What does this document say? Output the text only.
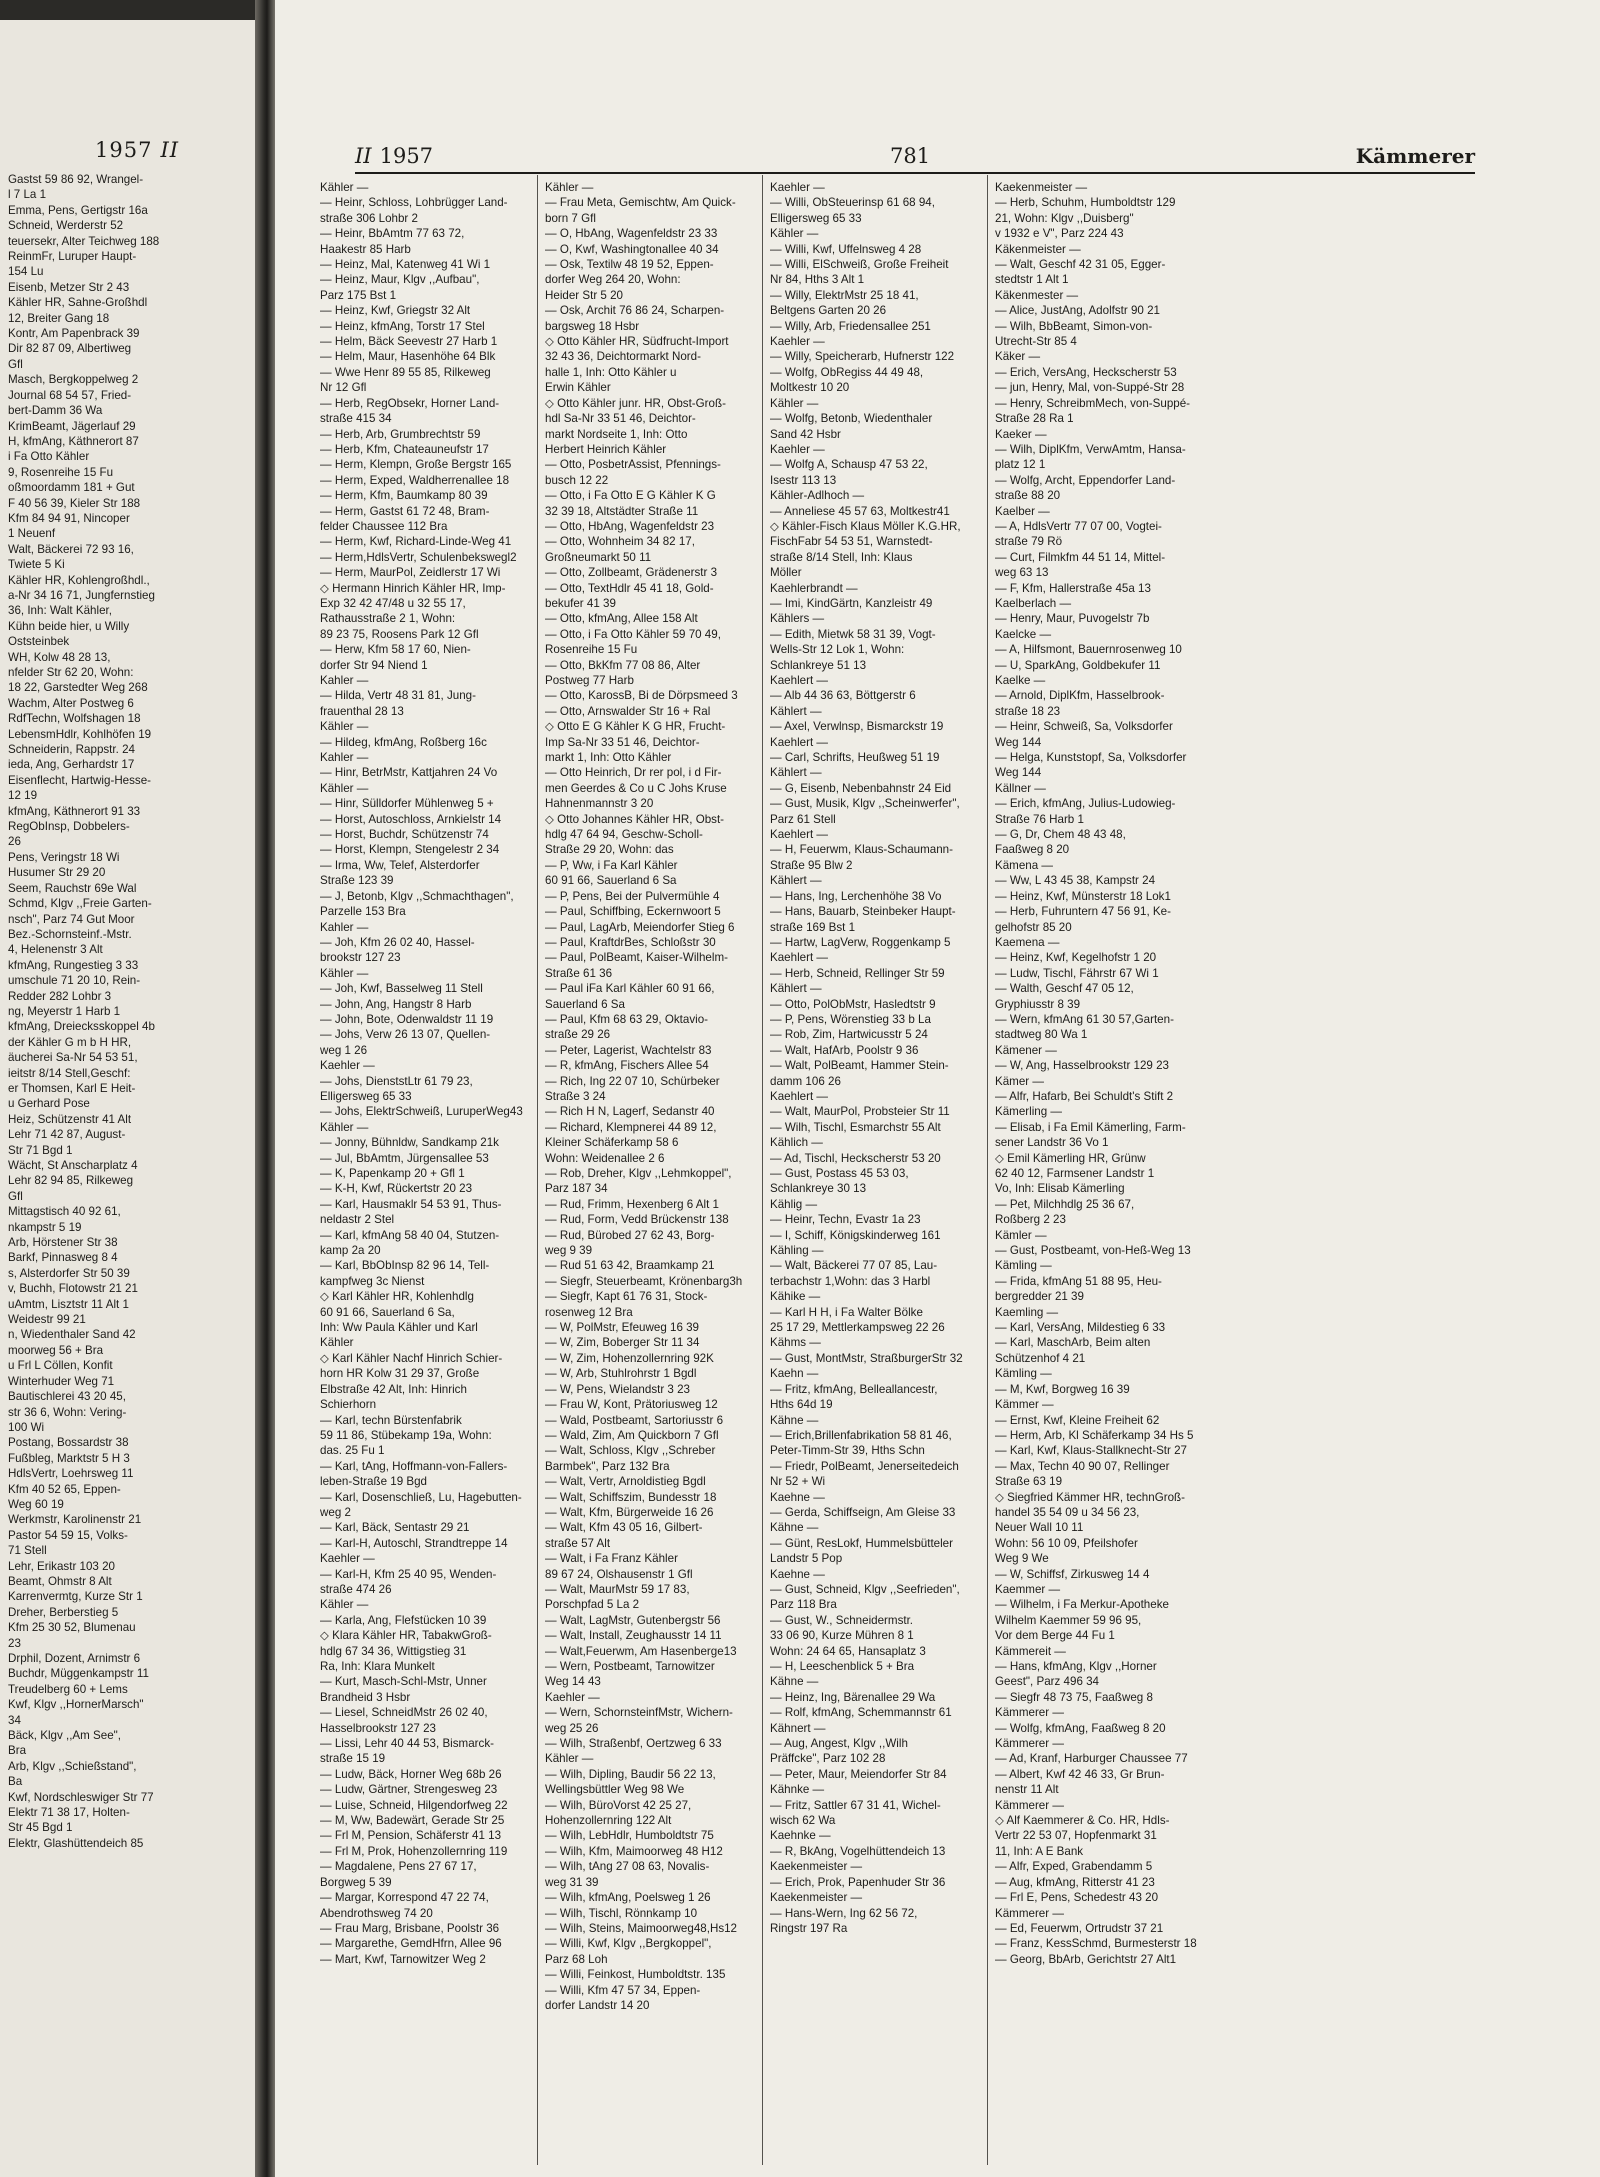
1957 II
Gastst 59 86 92, Wrangel-
l 7 La 1
Emma, Pens, Gertigstr 16a
Schneid, Werderstr 52
teuersekr, Alter Teichweg 188
ReinmFr, Luruper Haupt-
154 Lu
Eisenb, Metzer Str 2 43
Kähler HR, Sahne-Großhdl
12, Breiter Gang 18
Kontr, Am Papenbrack 39
Dir 82 87 09, Albertiweg
Gfl
Masch, Bergkoppelweg 2
Journal 68 54 57, Fried-
bert-Damm 36 Wa
KrimBeamt, Jägerlauf 29
H, kfmAng, Käthnerort 87
i Fa Otto Kähler
9, Rosenreihe 15 Fu
oßmoordamm 181 + Gut
F 40 56 39, Kieler Str 188
Kfm 84 94 91, Nincoper
1 Neuenf
Walt, Bäckerei 72 93 16,
Twiete 5 Ki
Kähler HR, Kohlengroßhdl.,
a-Nr 34 16 71, Jungfernstieg
36, Inh: Walt Kähler,
Kühn beide hier, u Willy
Oststeinbek
WH, Kolw 48 28 13,
nfelder Str 62 20, Wohn:
18 22, Garstedter Weg 268
Wachm, Alter Postweg 6
RdfTechn, Wolfshagen 18
LebensmHdlr, Kohlhöfen 19
Schneiderin, Rappstr. 24
ieda, Ang, Gerhardstr 17
Eisenflecht, Hartwig-Hesse-
12 19
kfmAng, Käthnerort 91 33
RegObInsp, Dobbelers-
26
Pens, Veringstr 18 Wi
Husumer Str 29 20
Seem, Rauchstr 69e Wal
Schmd, Klgv ,,Freie Garten-
nsch", Parz 74 Gut Moor
Bez.-Schornsteinf.-Mstr.
4, Helenenstr 3 Alt
kfmAng, Rungestieg 3 33
umschule 71 20 10, Rein-
Redder 282 Lohbr 3
ng, Meyerstr 1 Harb 1
kfmAng, Dreiecksskoppel 4b
der Kähler G m b H HR,
äucherei Sa-Nr 54 53 51,
ieitstr 8/14 Stell,Geschf:
er Thomsen, Karl E Heit-
u Gerhard Pose
Heiz, Schützenstr 41 Alt
Lehr 71 42 87, August-
Str 71 Bgd 1
Wächt, St Anscharplatz 4
Lehr 82 94 85, Rilkeweg
Gfl
Mittagstisch 40 92 61,
nkampstr 5 19
Arb, Hörstener Str 38
Barkf, Pinnasweg 8 4
s, Alsterdorfer Str 50 39
v, Buchh, Flotowstr 21 21
uAmtm, Lisztstr 11 Alt 1
Weidestr 99 21
n, Wiedenthaler Sand 42
moorweg 56 + Bra
u Frl L Cöllen, Konfit
Winterhuder Weg 71
Bautischlerei 43 20 45,
str 36 6, Wohn: Vering-
100 Wi
Postang, Bossardstr 38
Fußbleg, Marktstr 5 H 3
HdlsVertr, Loehrsweg 11
Kfm 40 52 65, Eppen-
Weg 60 19
Werkmstr, Karolinenstr 21
Pastor 54 59 15, Volks-
71 Stell
Lehr, Erikastr 103 20
Beamt, Ohmstr 8 Alt
Karrenvermtg, Kurze Str 1
Dreher, Berberstieg 5
Kfm 25 30 52, Blumenau
23
Drphil, Dozent, Arnimstr 6
Buchdr, Müggenkampstr 11
Treudelberg 60 + Lems
Kwf, Klgv ,,HornerMarsch"
34
Bäck, Klgv ,,Am See",
Bra
Arb, Klgv ,,Schießstand",
Ba
Kwf, Nordschleswiger Str 77
Elektr 71 38 17, Holten-
Str 45 Bgd 1
Elektr, Glashüttendeich 85
II 1957	781	Kämmerer
Kähler —
— Heinr, Schloss, Lohbrügger Land-
straße 306 Lohbr 2
— Heinr, BbAmtm 77 63 72,
Haakestr 85 Harb
— Heinz, Mal, Katenweg 41 Wi 1
— Heinz, Maur, Klgv ,,Aufbau",
Parz 175 Bst 1
— Heinz, Kwf, Griegstr 32 Alt
— Heinz, kfmAng, Torstr 17 Stel
— Helm, Bäck Seevestr 27 Harb 1
— Helm, Maur, Hasenhöhe 64 Blk
— Wwe Henr 89 55 85, Rilkeweg
Nr 12 Gfl
— Herb, RegObsekr, Horner Land-
straße 415 34
— Herb, Arb, Grumbrechtstr 59
— Herb, Kfm, Chateauneufstr 17
— Herm, Klempn, Große Bergstr 165
— Herm, Exped, Waldherrenallee 18
— Herm, Kfm, Baumkamp 80 39
— Herm, Gastst 61 72 48, Bram-
felder Chaussee 112 Bra
— Herm, Kwf, Richard-Linde-Weg 41
— Herm,HdlsVertr, Schulenbekswegl2
— Herm, MaurPol, Zeidlerstr 17 Wi
◇ Hermann Hinrich Kähler HR, Imp-
Exp 32 42 47/48 u 32 55 17,
Rathausstraße 2 1, Wohn:
89 23 75, Roosens Park 12 Gfl
— Herw, Kfm 58 17 60, Nien-
dorfer Str 94 Niend 1
Kahler —
— Hilda, Vertr 48 31 81, Jung-
frauenthal 28 13
Kähler —
— Hildeg, kfmAng, Roßberg 16c
Kahler —
— Hinr, BetrMstr, Kattjahren 24 Vo
Kähler —
— Hinr, Sülldorfer Mühlenweg 5 +
— Horst, Autoschloss, Arnkielstr 14
— Horst, Buchdr, Schützenstr 74
— Horst, Klempn, Stengelestr 2 34
— Irma, Ww, Telef, Alsterdorfer
Straße 123 39
— J, Betonb, Klgv ,,Schmachthagen",
Parzelle 153 Bra
Kahler —
— Joh, Kfm 26 02 40, Hassel-
brookstr 127 23
Kähler —
— Joh, Kwf, Basselweg 11 Stell
— John, Ang, Hangstr 8 Harb
— John, Bote, Odenwaldstr 11 19
— Johs, Verw 26 13 07, Quellen-
weg 1 26
Kaehler —
— Johs, DienststLtr 61 79 23,
Elligersweg 65 33
— Johs, ElektrSchweiß, LuruperWeg43
Kähler —
— Jonny, Bühnldw, Sandkamp 21k
— Jul, BbAmtm, Jürgensallee 53
— K, Papenkamp 20 + Gfl 1
— K-H, Kwf, Rückertstr 20 23
— Karl, Hausmaklr 54 53 91, Thus-
neldastr 2 Stel
— Karl, kfmAng 58 40 04, Stutzen-
kamp 2a 20
— Karl, BbObInsp 82 96 14, Tell-
kampfweg 3c Nienst
◇ Karl Kähler HR, Kohlenhdlg
60 91 66, Sauerland 6 Sa,
Inh: Ww Paula Kähler und Karl
Kähler
◇ Karl Kähler Nachf Hinrich Schier-
horn HR Kolw 31 29 37, Große
Elbstraße 42 Alt, Inh: Hinrich
Schierhorn
— Karl, techn Bürstenfabrik
59 11 86, Stübekamp 19a, Wohn:
das. 25 Fu 1
— Karl, tAng, Hoffmann-von-Fallers-
leben-Straße 19 Bgd
— Karl, Dosenschließ, Lu, Hagebutten-
weg 2
— Karl, Bäck, Sentastr 29 21
— Karl-H, Autoschl, Strandtreppe 14
Kaehler —
— Karl-H, Kfm 25 40 95, Wenden-
straße 474 26
Kähler —
— Karla, Ang, Flefstücken 10 39
◇ Klara Kähler HR, TabakwGroß-
hdlg 67 34 36, Wittigstieg 31
Ra, Inh: Klara Munkelt
— Kurt, Masch-Schl-Mstr, Unner
Brandheid 3 Hsbr
— Liesel, SchneidMstr 26 02 40,
Hasselbrookstr 127 23
— Lissi, Lehr 40 44 53, Bismarck-
straße 15 19
— Ludw, Bäck, Horner Weg 68b 26
— Ludw, Gärtner, Strengesweg 23
— Luise, Schneid, Hilgendorfweg 22
— M, Ww, Badewärt, Gerade Str 25
— Frl M, Pension, Schäferstr 41 13
— Frl M, Prok, Hohenzollernring 119
— Magdalene, Pens 27 67 17,
Borgweg 5 39
— Margar, Korrespond 47 22 74,
Abendrothsweg 74 20
— Frau Marg, Brisbane, Poolstr 36
— Margarethe, GemdHfrn, Allee 96
— Mart, Kwf, Tarnowitzer Weg 2
Kähler —
— Frau Meta, Gemischtw, Am Quick-
born 7 Gfl
— O, HbAng, Wagenfeldstr 23 33
— O, Kwf, Washingtonallee 40 34
— Osk, Textilw 48 19 52, Eppen-
dorfer Weg 264 20, Wohn:
Heider Str 5 20
— Osk, Archit 76 86 24, Scharpen-
bargsweg 18 Hsbr
◇ Otto Kähler HR, Südfrucht-Import
32 43 36, Deichtormarkt Nord-
halle 1, Inh: Otto Kähler u
Erwin Kähler
◇ Otto Kähler junr. HR, Obst-Groß-
hdl Sa-Nr 33 51 46, Deichtor-
markt Nordseite 1, Inh: Otto
Herbert Heinrich Kähler
— Otto, PosbetrAssist, Pfennings-
busch 12 22
— Otto, i Fa Otto E G Kähler K G
32 39 18, Altstädter Straße 11
— Otto, HbAng, Wagenfeldstr 23
— Otto, Wohnheim 34 82 17,
Großneumarkt 50 11
— Otto, Zollbeamt, Grädenerstr 3
— Otto, TextHdlr 45 41 18, Gold-
bekufer 41 39
— Otto, kfmAng, Allee 158 Alt
— Otto, i Fa Otto Kähler 59 70 49,
Rosenreihe 15 Fu
— Otto, BkKfm 77 08 86, Alter
Postweg 77 Harb
— Otto, KarossB, Bi de Dörpsmeed 3
— Otto, Arnswalder Str 16 + Ral
◇ Otto E G Kähler K G HR, Frucht-
Imp Sa-Nr 33 51 46, Deichtor-
markt 1, Inh: Otto Kähler
— Otto Heinrich, Dr rer pol, i d Fir-
men Geerdes & Co u C Johs Kruse
Hahnenmannstr 3 20
◇ Otto Johannes Kähler HR, Obst-
hdlg 47 64 94, Geschw-Scholl-
Straße 29 20, Wohn: das
— P, Ww, i Fa Karl Kähler
60 91 66, Sauerland 6 Sa
— P, Pens, Bei der Pulvermühle 4
— Paul, Schiffbing, Eckernwoort 5
— Paul, LagArb, Meiendorfer Stieg 6
— Paul, KraftdrBes, Schloßstr 30
— Paul, PolBeamt, Kaiser-Wilhelm-
Straße 61 36
— Paul iFa Karl Kähler 60 91 66,
Sauerland 6 Sa
— Paul, Kfm 68 63 29, Oktavio-
straße 29 26
— Peter, Lagerist, Wachtelstr 83
— R, kfmAng, Fischers Allee 54
— Rich, Ing 22 07 10, Schürbeker
Straße 3 24
— Rich H N, Lagerf, Sedanstr 40
— Richard, Klempnerei 44 89 12,
Kleiner Schäferkamp 58 6
Wohn: Weidenallee 2 6
— Rob, Dreher, Klgv ,,Lehmkoppel",
Parz 187 34
— Rud, Frimm, Hexenberg 6 Alt 1
— Rud, Form, Vedd Brückenstr 138
— Rud, Bürobed 27 62 43, Borg-
weg 9 39
— Rud 51 63 42, Braamkamp 21
— Siegfr, Steuerbeamt, Krönenbarg3h
— Siegfr, Kapt 61 76 31, Stock-
rosenweg 12 Bra
— W, PolMstr, Efeuweg 16 39
— W, Zim, Boberger Str 11 34
— W, Zim, Hohenzollernring 92K
— W, Arb, Stuhlrohrstr 1 Bgdl
— W, Pens, Wielandstr 3 23
— Frau W, Kont, Prätoriusweg 12
— Wald, Postbeamt, Sartoriusstr 6
— Wald, Zim, Am Quickborn 7 Gfl
— Walt, Schloss, Klgv ,,Schreber
Barmbek", Parz 132 Bra
— Walt, Vertr, Arnoldistieg Bgdl
— Walt, Schiffszim, Bundesstr 18
— Walt, Kfm, Bürgerweide 16 26
— Walt, Kfm 43 05 16, Gilbert-
straße 57 Alt
— Walt, i Fa Franz Kähler
89 67 24, Olshausenstr 1 Gfl
— Walt, MaurMstr 59 17 83,
Porschpfad 5 La 2
— Walt, LagMstr, Gutenbergstr 56
— Walt, Install, Zeughausstr 14 11
— Walt,Feuerwm, Am Hasenberge13
— Wern, Postbeamt, Tarnowitzer
Weg 14 43
Kaehler —
— Wern, SchornsteinfMstr, Wichern-
weg 25 26
— Wilh, Straßenbf, Oertzweg 6 33
Kähler —
— Wilh, Dipling, Baudir 56 22 13,
Wellingsbüttler Weg 98 We
— Wilh, BüroVorst 42 25 27,
Hohenzollernring 122 Alt
— Wilh, LebHdlr, Humboldtstr 75
— Wilh, Kfm, Maimoorweg 48 H12
— Wilh, tAng 27 08 63, Novalis-
weg 31 39
— Wilh, kfmAng, Poelsweg 1 26
— Wilh, Tischl, Rönnkamp 10
— Wilh, Steins, Maimoorweg48,Hs12
— Willi, Kwf, Klgv ,,Bergkoppel",
Parz 68 Loh
— Willi, Feinkost, Humboldtstr. 135
— Willi, Kfm 47 57 34, Eppen-
dorfer Landstr 14 20
Kaehler —
— Willi, ObSteuerinsp 61 68 94,
Elligersweg 65 33
Kähler —
— Willi, Kwf, Uffelnsweg 4 28
— Willi, ElSchweiß, Große Freiheit
Nr 84, Hths 3 Alt 1
— Willy, ElektrMstr 25 18 41,
Beltgens Garten 20 26
— Willy, Arb, Friedensallee 251
Kaehler —
— Willy, Speicherarb, Hufnerstr 122
— Wolfg, ObRegiss 44 49 48,
Moltkestr 10 20
Kähler —
— Wolfg, Betonb, Wiedenthaler
Sand 42 Hsbr
Kaehler —
— Wolfg A, Schausp 47 53 22,
Isestr 113 13
Kähler-Adlhoch —
— Anneliese 45 57 63, Moltkestr41
◇ Kähler-Fisch Klaus Möller K.G.HR,
FischFabr 54 53 51, Warnstedt-
straße 8/14 Stell, Inh: Klaus
Möller
Kaehlerbrandt —
— Imi, KindGärtn, Kanzleistr 49
Kählers —
— Edith, Mietwk 58 31 39, Vogt-
Wells-Str 12 Lok 1, Wohn:
Schlankreye 51 13
Kaehlert —
— Alb 44 36 63, Böttgerstr 6
Kählert —
— Axel, Verwlnsp, Bismarckstr 19
Kaehlert —
— Carl, Schrifts, Heußweg 51 19
Kählert —
— G, Eisenb, Nebenbahnstr 24 Eid
— Gust, Musik, Klgv ,,Scheinwerfer",
Parz 61 Stell
Kaehlert —
— H, Feuerwm, Klaus-Schaumann-
Straße 95 Blw 2
Kählert —
— Hans, Ing, Lerchenhöhe 38 Vo
— Hans, Bauarb, Steinbeker Haupt-
straße 169 Bst 1
— Hartw, LagVerw, Roggenkamp 5
Kaehlert —
— Herb, Schneid, Rellinger Str 59
Kählert —
— Otto, PolObMstr, Hasledtstr 9
— P, Pens, Wörenstieg 33 b La
— Rob, Zim, Hartwicusstr 5 24
— Walt, HafArb, Poolstr 9 36
— Walt, PolBeamt, Hammer Stein-
damm 106 26
Kaehlert —
— Walt, MaurPol, Probsteier Str 11
— Wilh, Tischl, Esmarchstr 55 Alt
Kählich —
— Ad, Tischl, Heckscherstr 53 20
— Gust, Postass 45 53 03,
Schlankreye 30 13
Kählig —
— Heinr, Techn, Evastr 1a 23
— I, Schiff, Königskinderweg 161
Kähling —
— Walt, Bäckerei 77 07 85, Lau-
terbachstr 1,Wohn: das 3 Harbl
Kähike —
— Karl H H, i Fa Walter Bölke
25 17 29, Mettlerkampsweg 22 26
Kähms —
— Gust, MontMstr, StraßburgerStr 32
Kaehn —
— Fritz, kfmAng, Belleallancestr,
Hths 64d 19
Kähne —
— Erich,Brillenfabrikation 58 81 46,
Peter-Timm-Str 39, Hths Schn
— Friedr, PolBeamt, Jenerseitedeich
Nr 52 + Wi
Kaehne —
— Gerda, Schiffseign, Am Gleise 33
Kähne —
— Günt, ResLokf, Hummelsbütteler
Landstr 5 Pop
Kaehne —
— Gust, Schneid, Klgv ,,Seefrieden",
Parz 118 Bra
— Gust, W., Schneidermstr.
33 06 90, Kurze Mühren 8 1
Wohn: 24 64 65, Hansaplatz 3
— H, Leeschenblick 5 + Bra
Kähne —
— Heinz, Ing, Bärenallee 29 Wa
— Rolf, kfmAng, Schemmannstr 61
Kähnert —
— Aug, Angest, Klgv ,,Wilh
Präffcke", Parz 102 28
— Peter, Maur, Meiendorfer Str 84
Kähnke —
— Fritz, Sattler 67 31 41, Wichel-
wisch 62 Wa
Kaehnke —
— R, BkAng, Vogelhüttendeich 13
Kaekenmeister —
— Erich, Prok, Papenhuder Str 36
Kaekenmeister —
— Hans-Wern, Ing 62 56 72,
Ringstr 197 Ra
Kaekenmeister —
— Herb, Schuhm, Humboldtstr 129
21, Wohn: Klgv ,,Duisberg"
v 1932 e V", Parz 224 43
Käkenmeister —
— Walt, Geschf 42 31 05, Egger-
stedtstr 1 Alt 1
Käkenmester —
— Alice, JustAng, Adolfstr 90 21
— Wilh, BbBeamt, Simon-von-
Utrecht-Str 85 4
Käker —
— Erich, VersAng, Heckscherstr 53
— jun, Henry, Mal, von-Suppé-Str 28
— Henry, SchreibmMech, von-Suppé-
Straße 28 Ra 1
Kaeker —
— Wilh, DiplKfm, VerwAmtm, Hansa-
platz 12 1
— Wolfg, Archt, Eppendorfer Land-
straße 88 20
Kaelber —
— A, HdlsVertr 77 07 00, Vogtei-
straße 79 Rö
— Curt, Filmkfm 44 51 14, Mittel-
weg 63 13
— F, Kfm, Hallerstraße 45a 13
Kaelberlach —
— Henry, Maur, Puvogelstr 7b
Kaelcke —
— A, Hilfsmont, Bauernrosenweg 10
— U, SparkAng, Goldbekufer 11
Kaelke —
— Arnold, DiplKfm, Hasselbrook-
straße 18 23
— Heinr, Schweiß, Sa, Volksdorfer
Weg 144
— Helga, Kunststopf, Sa, Volksdorfer
Weg 144
Källner —
— Erich, kfmAng, Julius-Ludowieg-
Straße 76 Harb 1
— G, Dr, Chem 48 43 48,
Faaßweg 8 20
Kämena —
— Ww, L 43 45 38, Kampstr 24
— Heinz, Kwf, Münsterstr 18 Lok1
— Herb, Fuhruntern 47 56 91, Ke-
gelhofstr 85 20
Kaemena —
— Heinz, Kwf, Kegelhofstr 1 20
— Ludw, Tischl, Fährstr 67 Wi 1
— Walth, Geschf 47 05 12,
Gryphiusstr 8 39
— Wern, kfmAng 61 30 57,Garten-
stadtweg 80 Wa 1
Kämener —
— W, Ang, Hasselbrookstr 129 23
Kämer —
— Alfr, Hafarb, Bei Schuldt's Stift 2
Kämerling —
— Elisab, i Fa Emil Kämerling, Farm-
sener Landstr 36 Vo 1
◇ Emil Kämerling HR, Grünw
62 40 12, Farmsener Landstr 1
Vo, Inh: Elisab Kämerling
— Pet, Milchhdlg 25 36 67,
Roßberg 2 23
Kämler —
— Gust, Postbeamt, von-Heß-Weg 13
Kämling —
— Frida, kfmAng 51 88 95, Heu-
bergredder 21 39
Kaemling —
— Karl, VersAng, Mildestieg 6 33
— Karl, MaschArb, Beim alten
Schützenhof 4 21
Kämling —
— M, Kwf, Borgweg 16 39
Kämmer —
— Ernst, Kwf, Kleine Freiheit 62
— Herm, Arb, Kl Schäferkamp 34 Hs 5
— Karl, Kwf, Klaus-Stallknecht-Str 27
— Max, Techn 40 90 07, Rellinger
Straße 63 19
◇ Siegfried Kämmer HR, technGroß-
handel 35 54 09 u 34 56 23,
Neuer Wall 10 11
Wohn: 56 10 09, Pfeilshofer
Weg 9 We
— W, Schiffsf, Zirkusweg 14 4
Kaemmer —
— Wilhelm, i Fa Merkur-Apotheke
Wilhelm Kaemmer 59 96 95,
Vor dem Berge 44 Fu 1
Kämmereit —
— Hans, kfmAng, Klgv ,,Horner
Geest", Parz 496 34
— Siegfr 48 73 75, Faaßweg 8
Kämmerer —
— Wolfg, kfmAng, Faaßweg 8 20
Kämmerer —
— Ad, Kranf, Harburger Chaussee 77
— Albert, Kwf 42 46 33, Gr Brun-
nenstr 11 Alt
Kämmerer —
◇ Alf Kaemmerer & Co. HR, Hdls-
Vertr 22 53 07, Hopfenmarkt 31
11, Inh: A E Bank
— Alfr, Exped, Grabendamm 5
— Aug, kfmAng, Ritterstr 41 23
— Frl E, Pens, Schedestr 43 20
Kämmerer —
— Ed, Feuerwm, Ortrudstr 37 21
— Franz, KessSchmd, Burmesterstr 18
— Georg, BbArb, Gerichtstr 27 Alt1
